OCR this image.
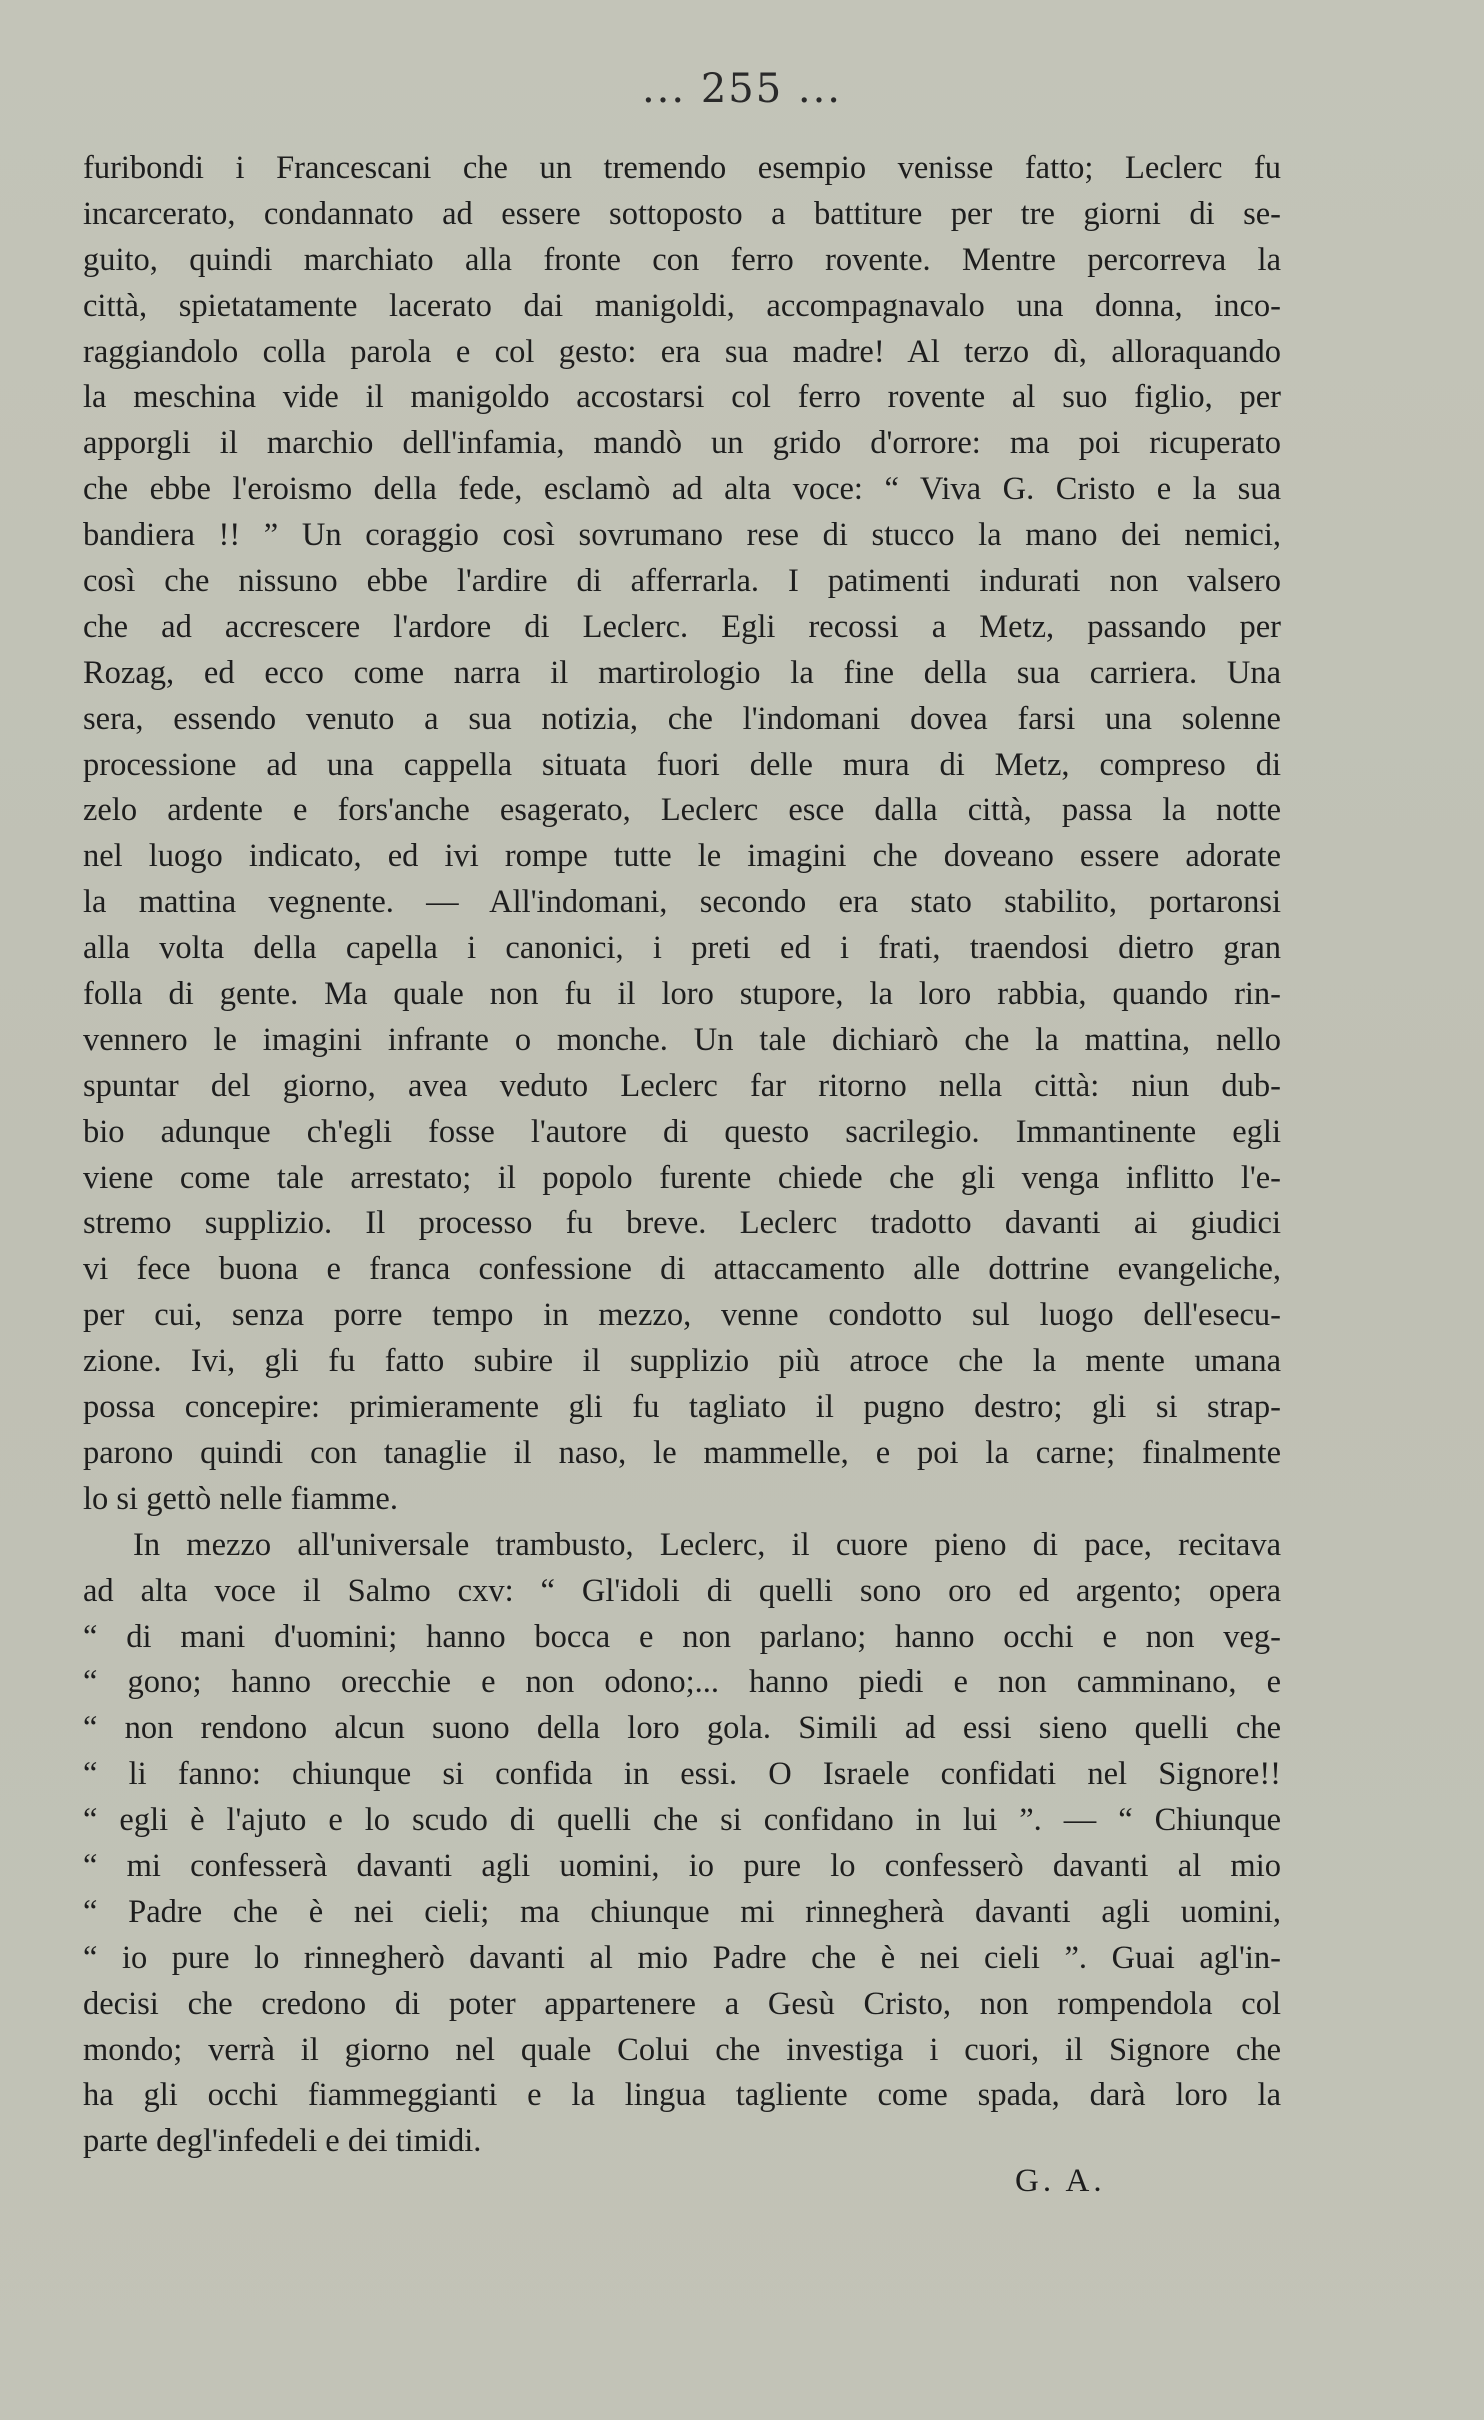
... 255 ...
furibondi i Francescani che un tremendo esempio venisse fatto; Leclerc fu
incarcerato, condannato ad essere sottoposto a battiture per tre giorni di se-
guito, quindi marchiato alla fronte con ferro rovente. Mentre percorreva la
città, spietatamente lacerato dai manigoldi, accompagnavalo una donna, inco-
raggiandolo colla parola e col gesto: era sua madre! Al terzo dì, alloraquando
la meschina vide il manigoldo accostarsi col ferro rovente al suo figlio, per
apporgli il marchio dell'infamia, mandò un grido d'orrore: ma poi ricuperato
che ebbe l'eroismo della fede, esclamò ad alta voce: “ Viva G. Cristo e la sua
bandiera !! ” Un coraggio così sovrumano rese di stucco la mano dei nemici,
così che nissuno ebbe l'ardire di afferrarla. I patimenti indurati non valsero
che ad accrescere l'ardore di Leclerc. Egli recossi a Metz, passando per
Rozag, ed ecco come narra il martirologio la fine della sua carriera. Una
sera, essendo venuto a sua notizia, che l'indomani dovea farsi una solenne
processione ad una cappella situata fuori delle mura di Metz, compreso di
zelo ardente e fors'anche esagerato, Leclerc esce dalla città, passa la notte
nel luogo indicato, ed ivi rompe tutte le imagini che doveano essere adorate
la mattina vegnente. — All'indomani, secondo era stato stabilito, portaronsi
alla volta della capella i canonici, i preti ed i frati, traendosi dietro gran
folla di gente. Ma quale non fu il loro stupore, la loro rabbia, quando rin-
vennero le imagini infrante o monche. Un tale dichiarò che la mattina, nello
spuntar del giorno, avea veduto Leclerc far ritorno nella città: niun dub-
bio adunque ch'egli fosse l'autore di questo sacrilegio. Immantinente egli
viene come tale arrestato; il popolo furente chiede che gli venga inflitto l'e-
stremo supplizio. Il processo fu breve. Leclerc tradotto davanti ai giudici
vi fece buona e franca confessione di attaccamento alle dottrine evangeliche,
per cui, senza porre tempo in mezzo, venne condotto sul luogo dell'esecu-
zione. Ivi, gli fu fatto subire il supplizio più atroce che la mente umana
possa concepire: primieramente gli fu tagliato il pugno destro; gli si strap-
parono quindi con tanaglie il naso, le mammelle, e poi la carne; finalmente
lo si gettò nelle fiamme.
In mezzo all'universale trambusto, Leclerc, il cuore pieno di pace, recitava
ad alta voce il Salmo cxv: “ Gl'idoli di quelli sono oro ed argento; opera
“ di mani d'uomini; hanno bocca e non parlano; hanno occhi e non veg-
“ gono; hanno orecchie e non odono;... hanno piedi e non camminano, e
“ non rendono alcun suono della loro gola. Simili ad essi sieno quelli che
“ li fanno: chiunque si confida in essi. O Israele confidati nel Signore!!
“ egli è l'ajuto e lo scudo di quelli che si confidano in lui ”. — “ Chiunque
“ mi confesserà davanti agli uomini, io pure lo confesserò davanti al mio
“ Padre che è nei cieli; ma chiunque mi rinnegherà davanti agli uomini,
“ io pure lo rinnegherò davanti al mio Padre che è nei cieli ”. Guai agl'in-
decisi che credono di poter appartenere a Gesù Cristo, non rompendola col
mondo; verrà il giorno nel quale Colui che investiga i cuori, il Signore che
ha gli occhi fiammeggianti e la lingua tagliente come spada, darà loro la
parte degl'infedeli e dei timidi.
G. A.
